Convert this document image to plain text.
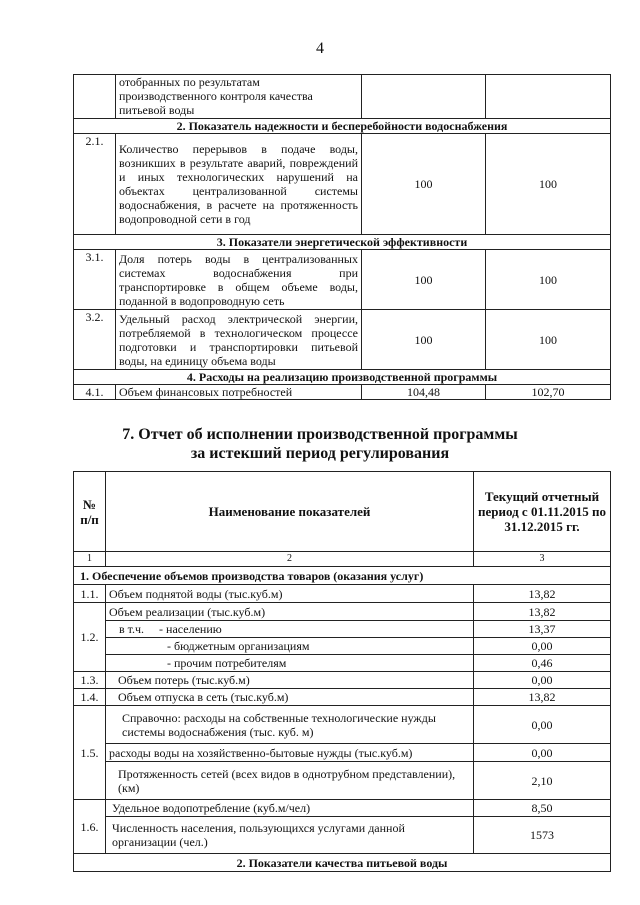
4
	отобранных по результатам производственного контроля качества питьевой воды		
2. Показатель надежности и бесперебойности водоснабжения			
2.1.	Количество перерывов в подаче воды, возникших в результате аварий, повреждений и иных технологических нарушений на объектах централизованной системы водоснабжения, в расчете на протяженность водопроводной сети в год	100	100
3. Показатели энергетической эффективности			
3.1.	Доля потерь воды в централизованных системах водоснабжения при транспортировке в общем объеме воды, поданной в водопроводную сеть	100	100
3.2.	Удельный расход электрической энергии, потребляемой в технологическом процессе подготовки и транспортировки питьевой воды, на единицу объема воды	100	100
4. Расходы на реализацию производственной программы			
4.1.	Объем финансовых потребностей	104,48	102,70
7. Отчет об исполнении производственной программы
за истекший период регулирования
№ п/п	Наименование показателей	Текущий отчетный период с 01.11.2015 по 31.12.2015 гг.
1	2	3
1. Обеспечение объемов производства товаров (оказания услуг)		
1.1.	Объем поднятой воды (тыс.куб.м)	13,82
1.2.	Объем реализации (тыс.куб.м)	13,82
	в т.ч. - населению	13,37
	- бюджетным организациям	0,00
	- прочим потребителям	0,46
1.3.	Объем потерь (тыс.куб.м)	0,00
1.4.	Объем отпуска в сеть (тыс.куб.м)	13,82
1.5.	Справочно: расходы на собственные технологические нужды системы водоснабжения (тыс. куб. м)	0,00
	расходы воды на хозяйственно-бытовые нужды (тыс.куб.м)	0,00
	Протяженность сетей (всех видов в однотрубном представлении), (км)	2,10
1.6.	Удельное водопотребление (куб.м/чел)	8,50
	Численность населения, пользующихся услугами данной организации (чел.)	1573
2. Показатели качества питьевой воды		
